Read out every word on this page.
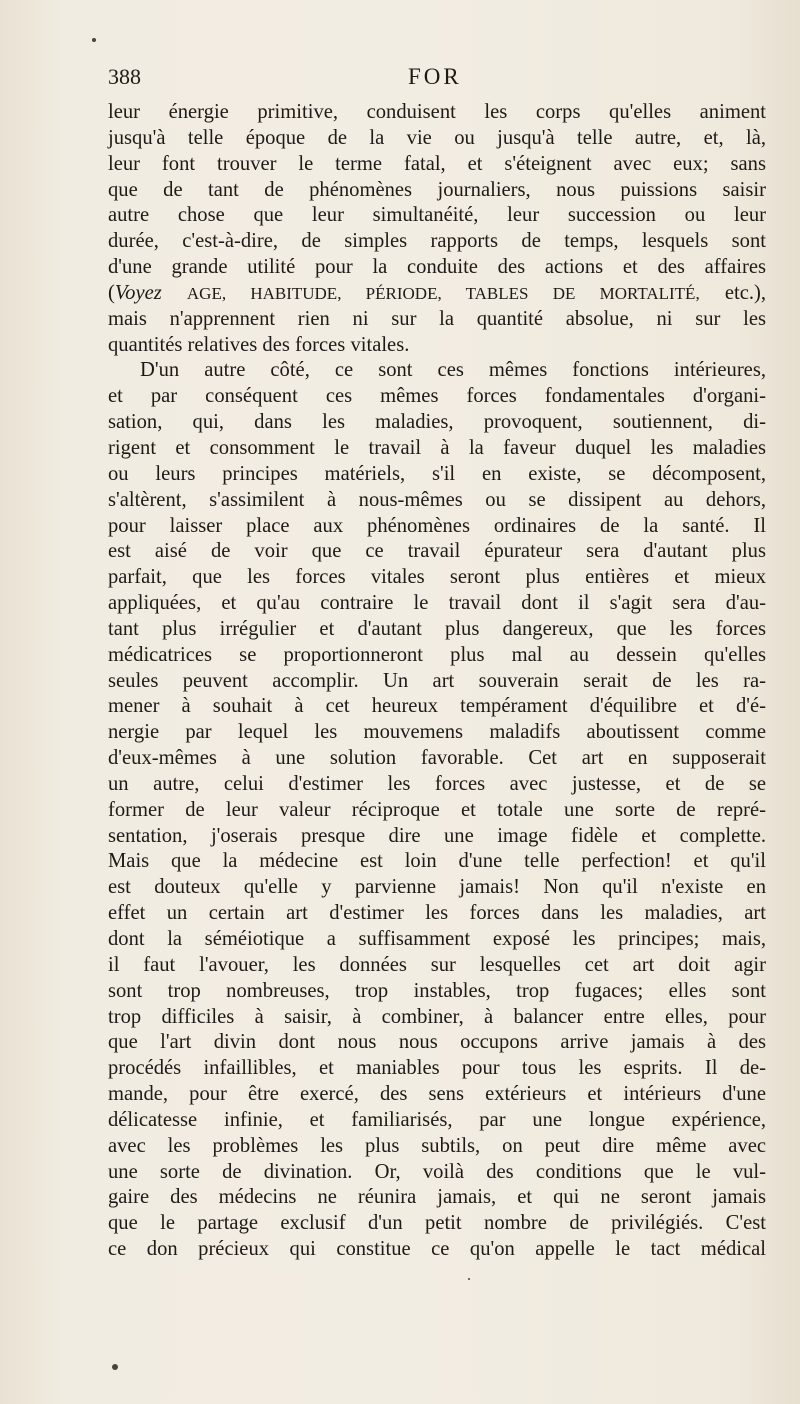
388	FOR
leur énergie primitive, conduisent les corps qu'elles animent
jusqu'à telle époque de la vie ou jusqu'à telle autre, et, là,
leur font trouver le terme fatal, et s'éteignent avec eux; sans
que de tant de phénomènes journaliers, nous puissions saisir
autre chose que leur simultanéité, leur succession ou leur
durée, c'est-à-dire, de simples rapports de temps, lesquels sont
d'une grande utilité pour la conduite des actions et des affaires
(Voyez AGE, HABITUDE, PÉRIODE, TABLES DE MORTALITÉ, etc.),
mais n'apprennent rien ni sur la quantité absolue, ni sur les
quantités relatives des forces vitales.
D'un autre côté, ce sont ces mêmes fonctions intérieures,
et par conséquent ces mêmes forces fondamentales d'organi-
sation, qui, dans les maladies, provoquent, soutiennent, di-
rigent et consomment le travail à la faveur duquel les maladies
ou leurs principes matériels, s'il en existe, se décomposent,
s'altèrent, s'assimilent à nous-mêmes ou se dissipent au dehors,
pour laisser place aux phénomènes ordinaires de la santé. Il
est aisé de voir que ce travail épurateur sera d'autant plus
parfait, que les forces vitales seront plus entières et mieux
appliquées, et qu'au contraire le travail dont il s'agit sera d'au-
tant plus irrégulier et d'autant plus dangereux, que les forces
médicatrices se proportionneront plus mal au dessein qu'elles
seules peuvent accomplir. Un art souverain serait de les ra-
mener à souhait à cet heureux tempérament d'équilibre et d'é-
nergie par lequel les mouvemens maladifs aboutissent comme
d'eux-mêmes à une solution favorable. Cet art en supposerait
un autre, celui d'estimer les forces avec justesse, et de se
former de leur valeur réciproque et totale une sorte de repré-
sentation, j'oserais presque dire une image fidèle et complette.
Mais que la médecine est loin d'une telle perfection! et qu'il
est douteux qu'elle y parvienne jamais! Non qu'il n'existe en
effet un certain art d'estimer les forces dans les maladies, art
dont la séméiotique a suffisamment exposé les principes; mais,
il faut l'avouer, les données sur lesquelles cet art doit agir
sont trop nombreuses, trop instables, trop fugaces; elles sont
trop difficiles à saisir, à combiner, à balancer entre elles, pour
que l'art divin dont nous nous occupons arrive jamais à des
procédés infaillibles, et maniables pour tous les esprits. Il de-
mande, pour être exercé, des sens extérieurs et intérieurs d'une
délicatesse infinie, et familiarisés, par une longue expérience,
avec les problèmes les plus subtils, on peut dire même avec
une sorte de divination. Or, voilà des conditions que le vul-
gaire des médecins ne réunira jamais, et qui ne seront jamais
que le partage exclusif d'un petit nombre de privilégiés. C'est
ce don précieux qui constitue ce qu'on appelle le tact médical
